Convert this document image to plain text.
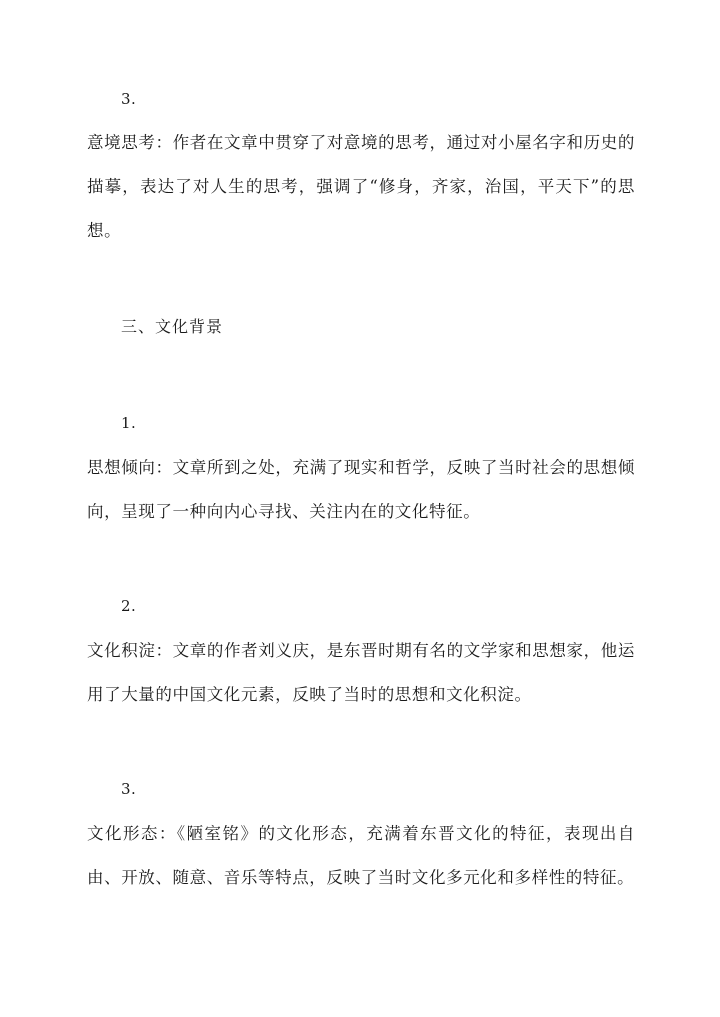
3.

意境思考：作者在文章中贯穿了对意境的思考，通过对小屋名字和历史的描摹，表达了对人生的思考，强调了“修身，齐家，治国，平天下”的思想。

三、文化背景
1.

思想倾向：文章所到之处，充满了现实和哲学，反映了当时社会的思想倾向，呈现了一种向内心寻找、关注内在的文化特征。

2.

文化积淀：文章的作者刘义庆，是东晋时期有名的文学家和思想家，他运用了大量的中国文化元素，反映了当时的思想和文化积淀。

3.

文化形态：《陋室铭》的文化形态，充满着东晋文化的特征，表现出自由、开放、随意、音乐等特点，反映了当时文化多元化和多样性的特征。
